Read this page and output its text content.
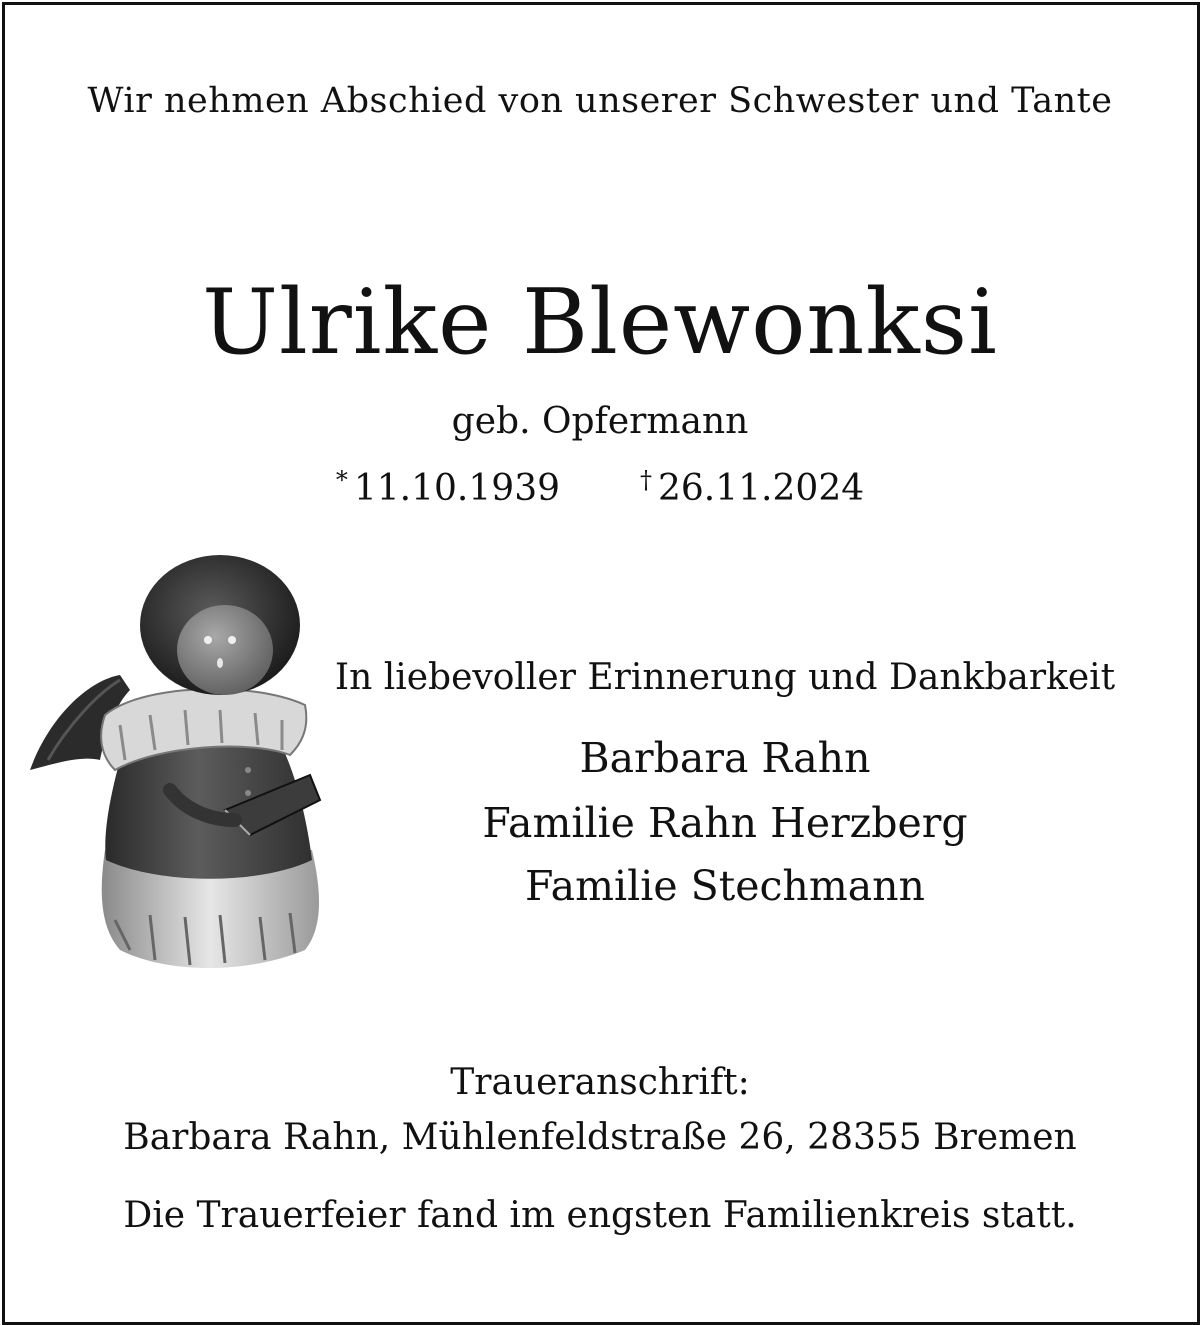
Wir nehmen Abschied von unserer Schwester und Tante
Ulrike Blewonksi
geb. Opfermann
* 11.10.1939	† 26.11.2024
In liebevoller Erinnerung und Dankbarkeit
Barbara Rahn
Familie Rahn Herzberg
Familie Stechmann
Traueranschrift:
Barbara Rahn, Mühlenfeldstraße 26, 28355 Bremen
Die Trauerfeier fand im engsten Familienkreis statt.
